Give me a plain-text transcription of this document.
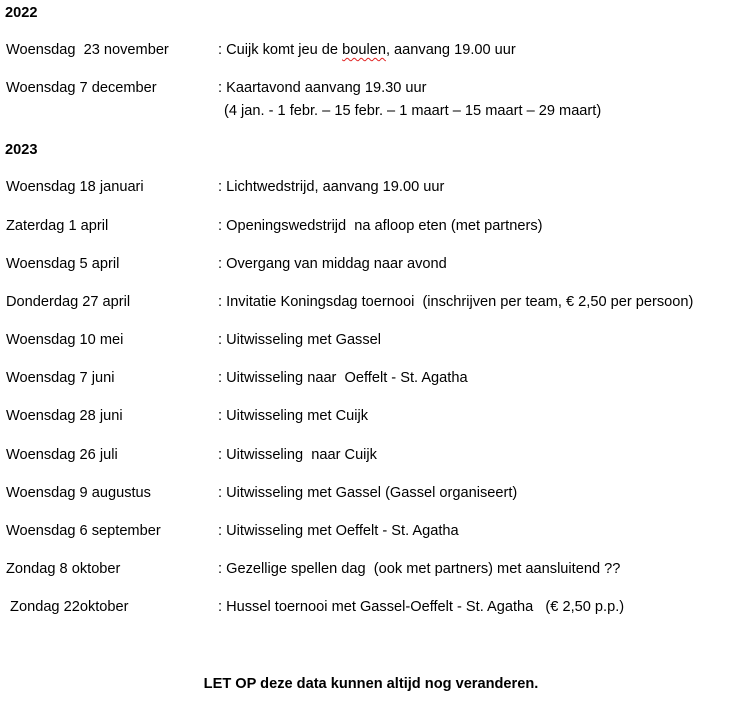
2022
Woensdag  23 november	: Cuijk komt jeu de boulen, aanvang 19.00 uur
Woensdag 7 december	: Kaartavond aanvang 19.30 uur
(4 jan. - 1 febr. – 15 febr. – 1 maart – 15 maart – 29 maart)
2023
Woensdag 18 januari	: Lichtwedstrijd, aanvang 19.00 uur
Zaterdag 1 april	: Openingswedstrijd  na afloop eten (met partners)
Woensdag 5 april	: Overgang van middag naar avond
Donderdag 27 april	: Invitatie Koningsdag toernooi  (inschrijven per team, € 2,50 per persoon)
Woensdag 10 mei	: Uitwisseling met Gassel
Woensdag 7 juni	: Uitwisseling naar  Oeffelt - St. Agatha
Woensdag 28 juni	: Uitwisseling met Cuijk
Woensdag 26 juli	: Uitwisseling  naar Cuijk
Woensdag 9 augustus	: Uitwisseling met Gassel (Gassel organiseert)
Woensdag 6 september	: Uitwisseling met Oeffelt - St. Agatha
Zondag 8 oktober	: Gezellige spellen dag  (ook met partners) met aansluitend ??
Zondag 22oktober	: Hussel toernooi met Gassel-Oeffelt - St. Agatha   (€ 2,50 p.p.)
LET OP deze data kunnen altijd nog veranderen.
